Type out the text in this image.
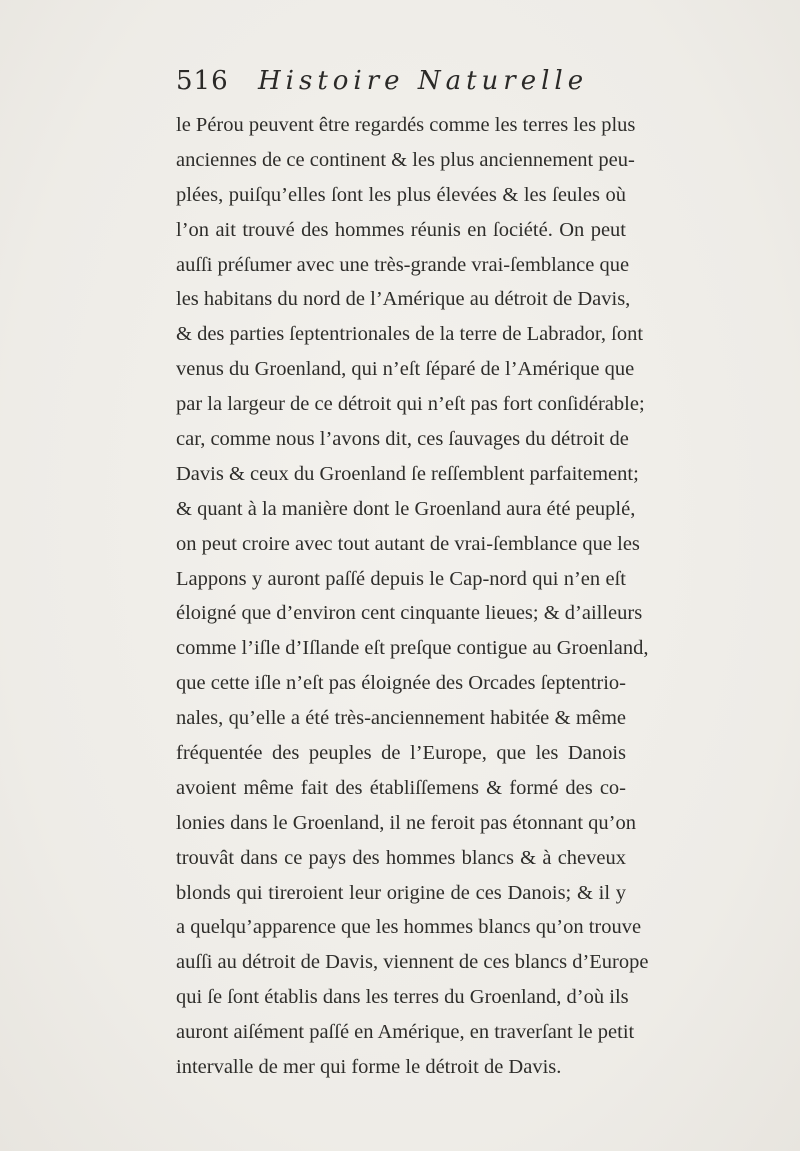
516 Histoire Naturelle
le Pérou peuvent être regardés comme les terres les plus
anciennes de ce continent & les plus anciennement peu-
plées, puiſqu’elles ſont les plus élevées & les ſeules où
l’on ait trouvé des hommes réunis en ſociété. On peut
auſſi préſumer avec une très-grande vrai-ſemblance que
les habitans du nord de l’Amérique au détroit de Davis,
& des parties ſeptentrionales de la terre de Labrador, ſont
venus du Groenland, qui n’eſt ſéparé de l’Amérique que
par la largeur de ce détroit qui n’eſt pas fort conſidérable;
car, comme nous l’avons dit, ces ſauvages du détroit de
Davis & ceux du Groenland ſe reſſemblent parfaitement;
& quant à la manière dont le Groenland aura été peuplé,
on peut croire avec tout autant de vrai-ſemblance que les
Lappons y auront paſſé depuis le Cap-nord qui n’en eſt
éloigné que d’environ cent cinquante lieues; & d’ailleurs
comme l’iſle d’Iſlande eſt preſque contigue au Groenland,
que cette iſle n’eſt pas éloignée des Orcades ſeptentrio-
nales, qu’elle a été très-anciennement habitée & même
fréquentée des peuples de l’Europe, que les Danois
avoient même fait des établiſſemens & formé des co-
lonies dans le Groenland, il ne feroit pas étonnant qu’on
trouvât dans ce pays des hommes blancs & à cheveux
blonds qui tireroient leur origine de ces Danois; & il y
a quelqu’apparence que les hommes blancs qu’on trouve
auſſi au détroit de Davis, viennent de ces blancs d’Europe
qui ſe ſont établis dans les terres du Groenland, d’où ils
auront aiſément paſſé en Amérique, en traverſant le petit
intervalle de mer qui forme le détroit de Davis.
